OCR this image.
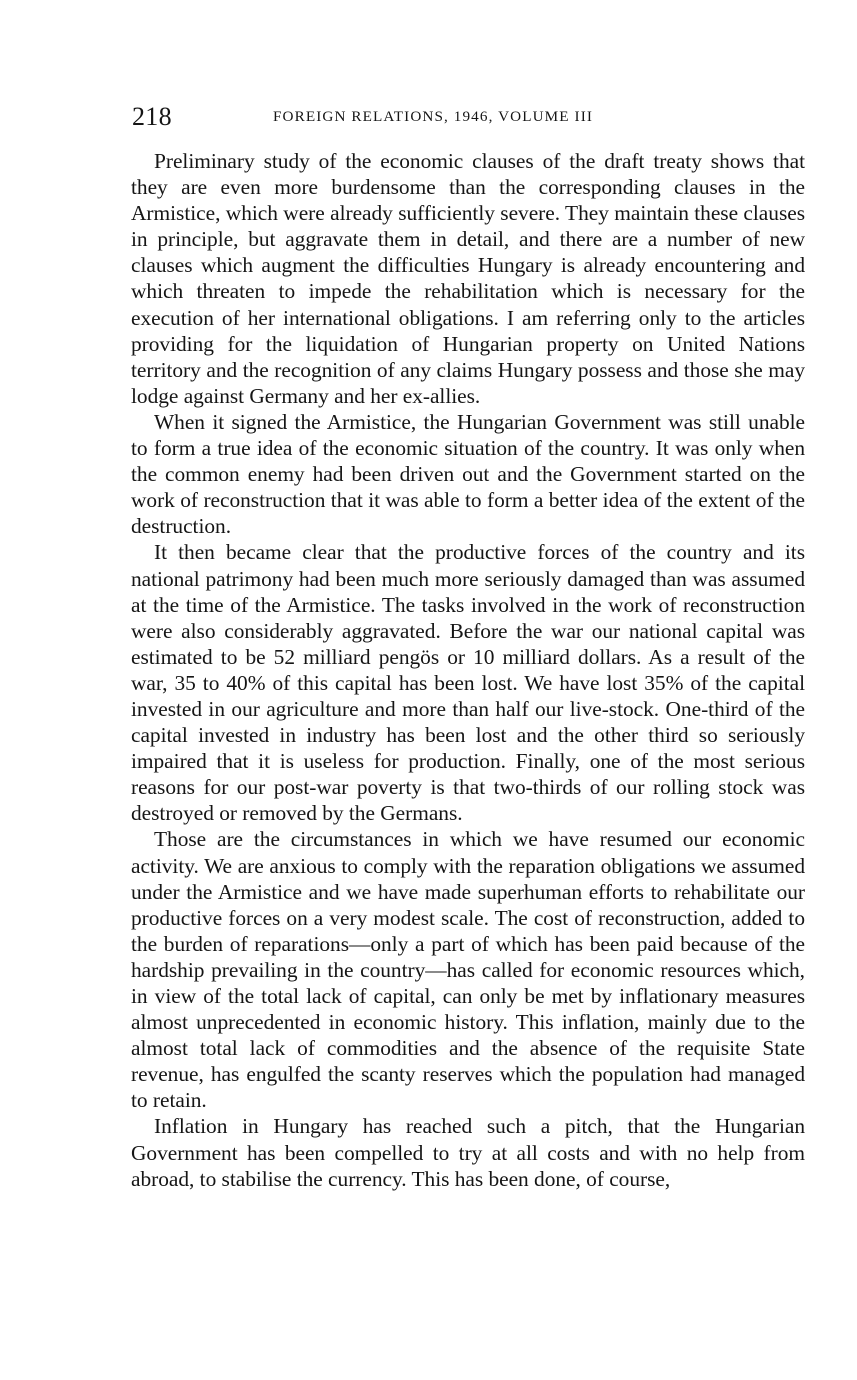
218	FOREIGN RELATIONS, 1946, VOLUME III

Preliminary study of the economic clauses of the draft treaty shows that they are even more burdensome than the corresponding clauses in the Armistice, which were already sufficiently severe. They maintain these clauses in principle, but aggravate them in detail, and there are a number of new clauses which augment the difficulties Hungary is already encountering and which threaten to impede the rehabilitation which is necessary for the execution of her international obligations. I am referring only to the articles providing for the liquidation of Hungarian property on United Nations territory and the recognition of any claims Hungary possess and those she may lodge against Germany and her ex-allies.

When it signed the Armistice, the Hungarian Government was still unable to form a true idea of the economic situation of the country. It was only when the common enemy had been driven out and the Government started on the work of reconstruction that it was able to form a better idea of the extent of the destruction.

It then became clear that the productive forces of the country and its national patrimony had been much more seriously damaged than was assumed at the time of the Armistice. The tasks involved in the work of reconstruction were also considerably aggravated. Before the war our national capital was estimated to be 52 milliard pengös or 10 milliard dollars. As a result of the war, 35 to 40% of this capital has been lost. We have lost 35% of the capital invested in our agriculture and more than half our live-stock. One-third of the capital invested in industry has been lost and the other third so seriously impaired that it is useless for production. Finally, one of the most serious reasons for our post-war poverty is that two-thirds of our rolling stock was destroyed or removed by the Germans.

Those are the circumstances in which we have resumed our economic activity. We are anxious to comply with the reparation obligations we assumed under the Armistice and we have made superhuman efforts to rehabilitate our productive forces on a very modest scale. The cost of reconstruction, added to the burden of reparations—only a part of which has been paid because of the hardship prevailing in the country—has called for economic resources which, in view of the total lack of capital, can only be met by inflationary measures almost unprecedented in economic history. This inflation, mainly due to the almost total lack of commodities and the absence of the requisite State revenue, has engulfed the scanty reserves which the population had managed to retain.

Inflation in Hungary has reached such a pitch, that the Hungarian Government has been compelled to try at all costs and with no help from abroad, to stabilise the currency. This has been done, of course,
